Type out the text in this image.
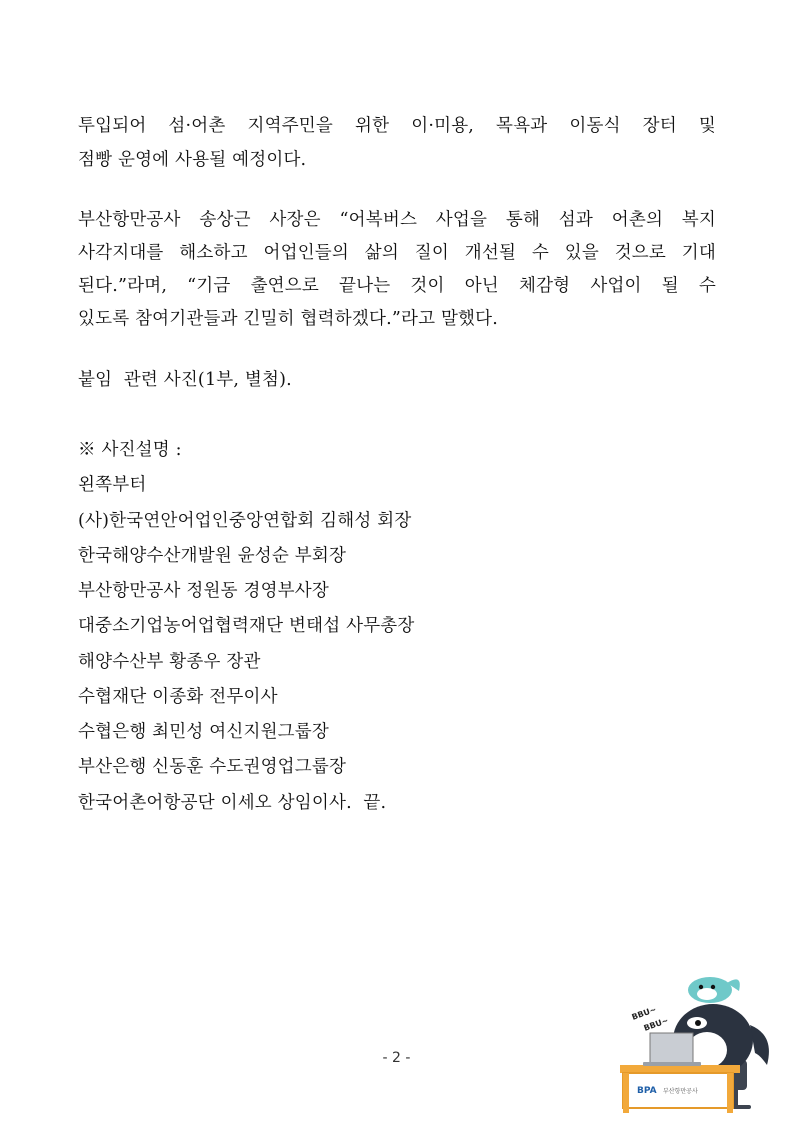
투입되어 섬·어촌 지역주민을 위한 이·미용, 목욕과 이동식 장터 및
점빵 운영에 사용될 예정이다.
부산항만공사 송상근 사장은 “어복버스 사업을 통해 섬과 어촌의 복지
사각지대를 해소하고 어업인들의 삶의 질이 개선될 수 있을 것으로 기대
된다.”라며, “기금 출연으로 끝나는 것이 아닌 체감형 사업이 될 수
있도록 참여기관들과 긴밀히 협력하겠다.”라고 말했다.
붙임  관련 사진(1부, 별첨).
※ 사진설명 :
왼쪽부터
(사)한국연안어업인중앙연합회 김해성 회장
한국해양수산개발원 윤성순 부회장
부산항만공사 정원동 경영부사장
대중소기업농어업협력재단 변태섭 사무총장
해양수산부 황종우 장관
수협재단 이종화 전무이사
수협은행 최민성 여신지원그룹장
부산은행 신동훈 수도권영업그룹장
한국어촌어항공단 이세오 상임이사.  끝.
- 2 -
BPA 부산항만공사
BBU~
BBU~
